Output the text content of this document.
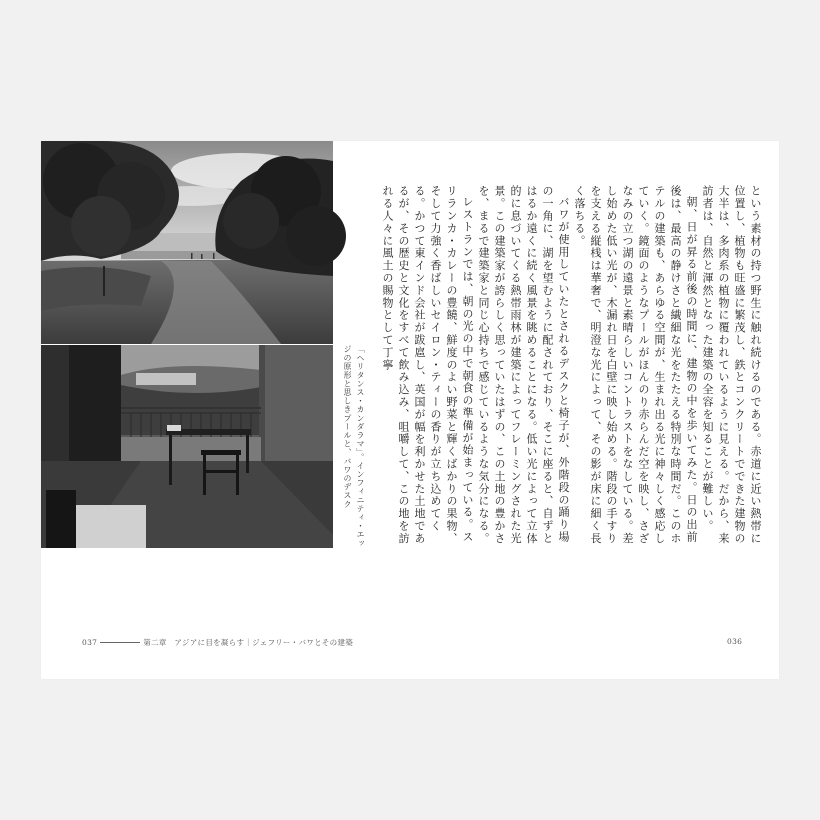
「ヘリタンス・カンダラマ」。インフィニティ・エッジの原形と思しきプールと、バワのデスク	という素材の持つ野生に触れ続けるのである。赤道に近い熱帯に位置し、植物も旺盛に繁茂し、鉄とコンクリートでできた建物の大半は、多肉系の植物に覆われているように見える。だから、来訪者は、自然と渾然となった建築の全容を知ることが難しい。

朝、日が昇る前後の時間に、建物の中を歩いてみた。日の出前後は、最高の静けさと繊細な光をたたえる特別な時間だ。このホテルの建築も、あらゆる空間が、生まれ出る光に神々しく感応していく。鏡面のようなプールがほんのり赤らんだ空を映し、さざなみの立つ湖の遠景と素晴らしいコントラストをなしている。差し始めた低い光が、木漏れ日を白壁に映し始める。階段の手すりを支える縦桟は華奢で、明澄な光によって、その影が床に細く長く落ちる。

バワが使用していたとされるデスクと椅子が、外階段の踊り場の一角に、湖を望むように配されており、そこに座ると、自ずとはるか遠くに続く風景を眺めることになる。低い光によって立体的に息づいてくる熱帯雨林が建築によってフレーミングされた光景。この建築家が誇らしく思っていたはずの、この土地の豊かさを、まるで建築家と同じ心持ちで感じているような気分になる。

レストランでは、朝の光の中で朝食の準備が始まっている。スリランカ・カレーの豊饒、鮮度のよい野菜と輝くばかりの果物、そして力強く香ばしいセイロン・ティーの香りが立ち込めてくる。かつて東インド会社が跋扈し、英国が幅を利かせた土地であるが、その歴史と文化をすべて飲み込み、咀嚼して、この地を訪れる人々に風土の賜物として丁寧

037	第二章　アジアに目を凝らす｜ジェフリー・バワとその建築	036
